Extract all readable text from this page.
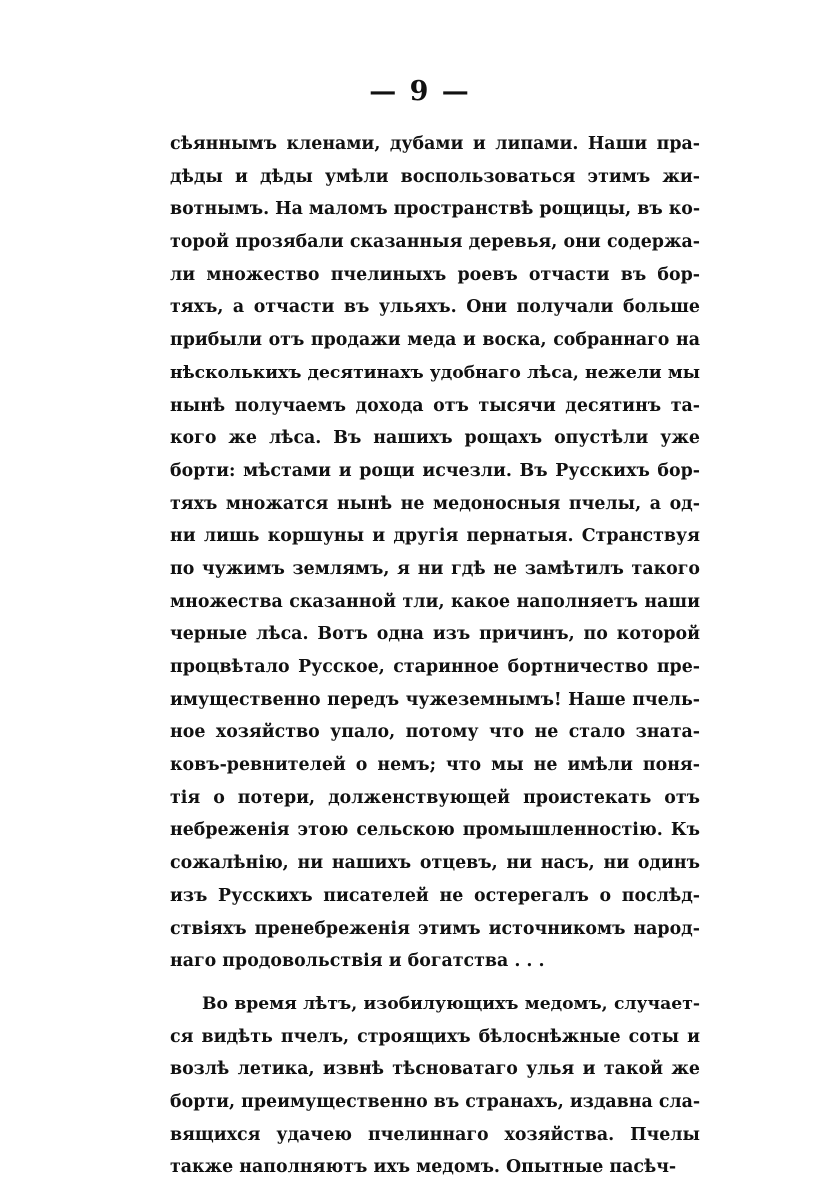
— 9 —
сѣяннымъ кленами, дубами и липами. Наши пра-
дѣды и дѣды умѣли воспользоваться этимъ жи-
вотнымъ. На маломъ пространствѣ рощицы, въ ко-
торой прозябали сказанныя деревья, они содержа-
ли множество пчелиныхъ роевъ отчасти въ бор-
тяхъ, а отчасти въ ульяхъ. Они получали больше
прибыли отъ продажи меда и воска, собраннаго на
нѣсколькихъ десятинахъ удобнаго лѣса, нежели мы
нынѣ получаемъ дохода отъ тысячи десятинъ та-
кого же лѣса. Въ нашихъ рощахъ опустѣли уже
борти: мѣстами и рощи исчезли. Въ Русскихъ бор-
тяхъ множатся нынѣ не медоносныя пчелы, а од-
ни лишь коршуны и другія пернатыя. Странствуя
по чужимъ землямъ, я ни гдѣ не замѣтилъ такого
множества сказанной тли, какое наполняетъ наши
черные лѣса. Вотъ одна изъ причинъ, по которой
процвѣтало Русское, старинное бортничество пре-
имущественно передъ чужеземнымъ! Наше пчель-
ное хозяйство упало, потому что не стало зната-
ковъ-ревнителей о немъ; что мы не имѣли поня-
тія о потери, долженствующей проистекать отъ
небреженія этою сельскою промышленностію. Къ
сожалѣнію, ни нашихъ отцевъ, ни насъ, ни одинъ
изъ Русскихъ писателей не остерегалъ о послѣд-
ствіяхъ пренебреженія этимъ источникомъ народ-
наго продовольствія и богатства . . .
Во время лѣтъ, изобилующихъ медомъ, случает-
ся видѣть пчелъ, строящихъ бѣлоснѣжные соты и
возлѣ летика, извнѣ тѣсноватаго улья и такой же
борти, преимущественно въ странахъ, издавна сла-
вящихся удачею пчелиннаго хозяйства. Пчелы
также наполняютъ ихъ медомъ. Опытные пасѣч-
